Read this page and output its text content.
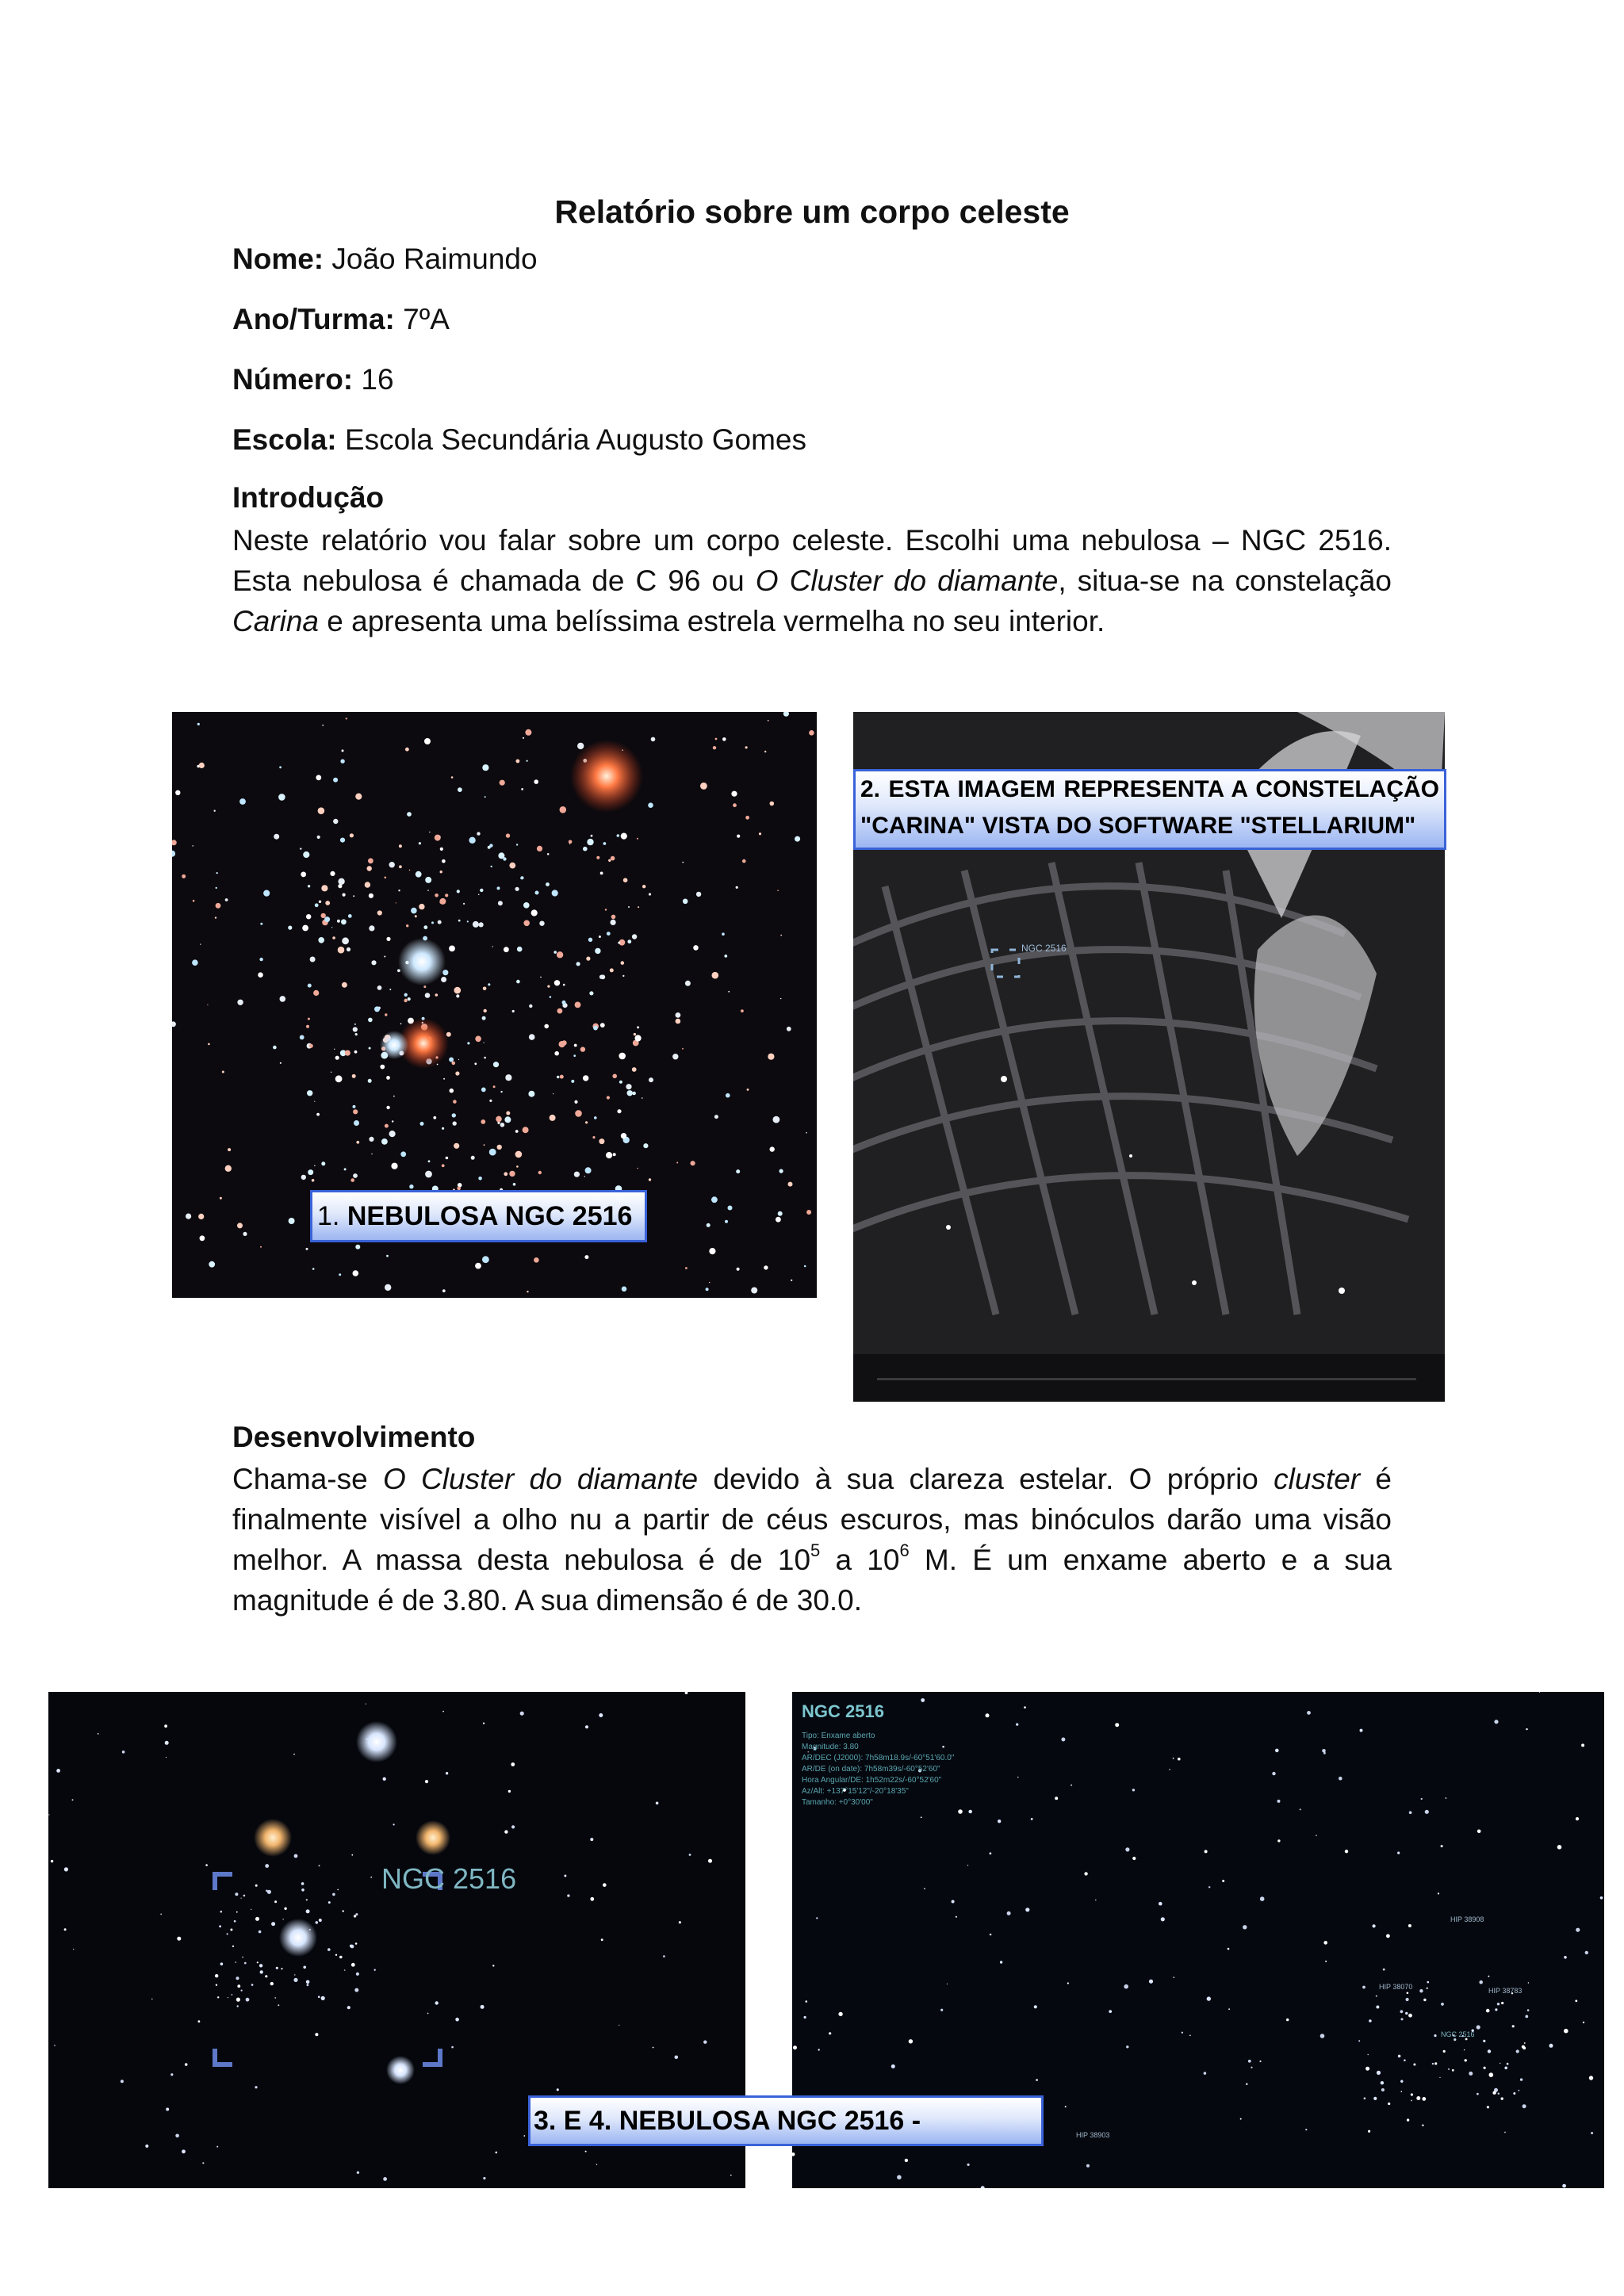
Relatório sobre um corpo celeste
Nome: João Raimundo
Ano/Turma: 7ºA
Número: 16
Escola: Escola Secundária Augusto Gomes
Introdução
Neste relatório vou falar sobre um corpo celeste. Escolhi uma nebulosa – NGC 2516. Esta nebulosa é chamada de C 96 ou O Cluster do diamante, situa-se na constelação Carina e apresenta uma belíssima estrela vermelha no seu interior.
1. NEBULOSA NGC 2516
NGC 2516
2. ESTA IMAGEM REPRESENTA A CONSTELAÇÃO
"CARINA" VISTA DO SOFTWARE "STELLARIUM"
Desenvolvimento
Chama-se O Cluster do diamante devido à sua clareza estelar. O próprio cluster é finalmente visível a olho nu a partir de céus escuros, mas binóculos darão uma visão melhor. A massa desta nebulosa é de $10^5$ a $10^6$ M. É um enxame aberto e a sua magnitude é de 3.80. A sua dimensão é de 30.0.
NGC 2516
NGC 2516
Tipo: Enxame aberto
Magnitude: 3.80
AR/DEC (J2000): 7h58m18.9s/-60°51'60.0"
AR/DE (on date): 7h58m39s/-60°52'60"
Hora Angular/DE: 1h52m22s/-60°52'60"
Az/Alt: +137°15'12"/-20°18'35"
Tamanho: +0°30'00"
HIP 38908
HIP 38070	HIP 38783
HIP 38903
NGC 2516
3. E 4. NEBULOSA NGC 2516 -
